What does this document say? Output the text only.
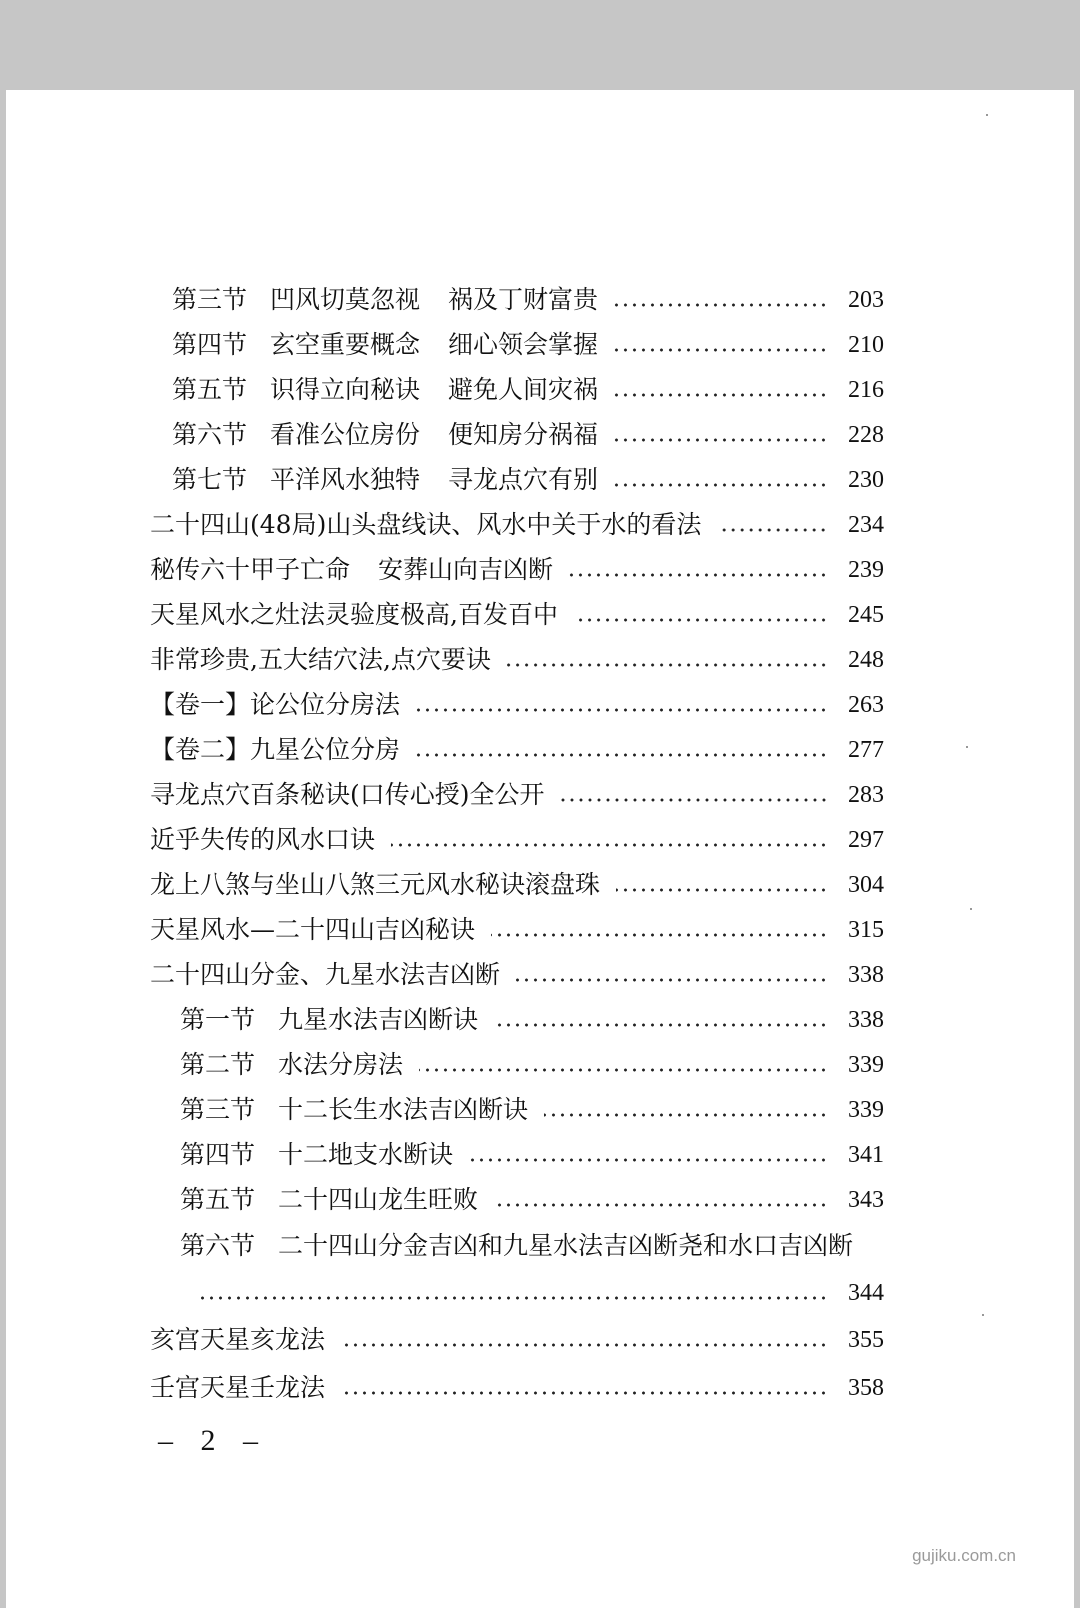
第三节 凹风切莫忽视 祸及丁财富贵	203
第四节 玄空重要概念 细心领会掌握	210
第五节 识得立向秘诀 避免人间灾祸	216
第六节 看准公位房份 便知房分祸福	228
第七节 平洋风水独特 寻龙点穴有别	230
二十四山(48局)山头盘线诀、风水中关于水的看法	234
秘传六十甲子亡命 安葬山向吉凶断	239
天星风水之灶法灵验度极高,百发百中	245
非常珍贵,五大结穴法,点穴要诀	248
【卷一】论公位分房法	263
【卷二】九星公位分房	277
寻龙点穴百条秘诀(口传心授)全公开	283
近乎失传的风水口诀	297
龙上八煞与坐山八煞三元风水秘诀滚盘珠	304
天星风水—二十四山吉凶秘诀	315
二十四山分金、九星水法吉凶断	338
第一节 九星水法吉凶断诀	338
第二节 水法分房法	339
第三节 十二长生水法吉凶断诀	339
第四节 十二地支水断诀	341
第五节 二十四山龙生旺败	343
第六节 二十四山分金吉凶和九星水法吉凶断尧和水口吉凶断
344
亥宫天星亥龙法	355
壬宫天星壬龙法	358
– 2 –
gujiku.com.cn
